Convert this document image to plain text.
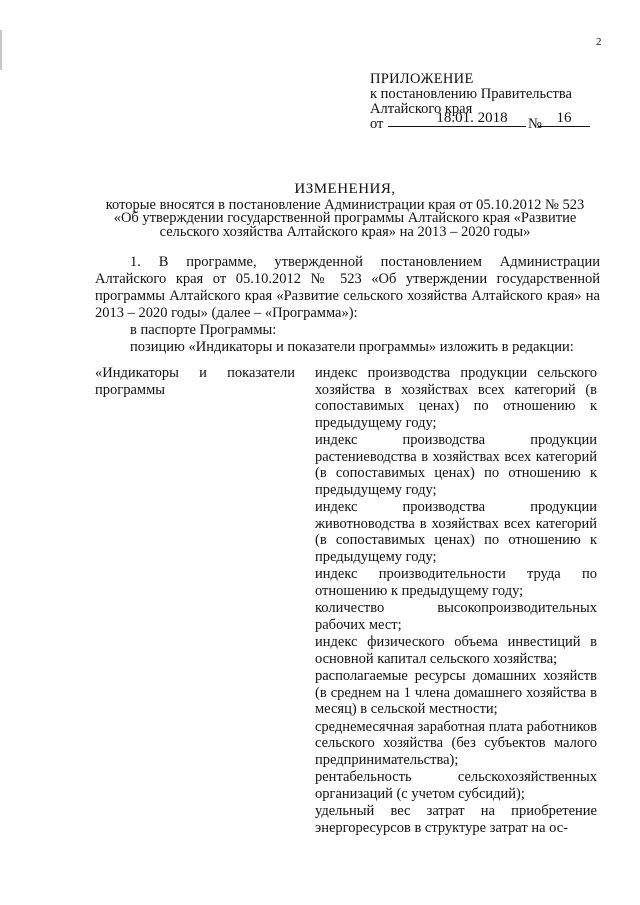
2
ПРИЛОЖЕНИЕ
к постановлению Правительства
Алтайского края
от	18.01. 2018	№ 16
ИЗМЕНЕНИЯ,
которые вносятся в постановление Администрации края от 05.10.2012 № 523
«Об утверждении государственной программы Алтайского края «Развитие
сельского хозяйства Алтайского края» на 2013 – 2020 годы»

1. В программе, утвержденной постановлением Администрации Алтайского края от 05.10.2012 № 523 «Об утверждении государственной программы Алтайского края «Развитие сельского хозяйства Алтайского края» на 2013 – 2020 годы» (далее – «Программа»):

в паспорте Программы:

позицию «Индикаторы и показатели программы» изложить в редакции:

«Индикаторы и показатели программы

индекс производства продукции сельского хозяйства в хозяйствах всех категорий (в сопоставимых ценах) по отношению к предыдущему году;

индекс производства продукции растениеводства в хозяйствах всех категорий (в сопоставимых ценах) по отношению к предыдущему году;

индекс производства продукции животноводства в хозяйствах всех категорий (в сопоставимых ценах) по отношению к предыдущему году;

индекс производительности труда по отношению к предыдущему году;

количество высокопроизводительных рабочих мест;

индекс физического объема инвестиций в основной капитал сельского хозяйства;

располагаемые ресурсы домашних хозяйств (в среднем на 1 члена домашнего хозяйства в месяц) в сельской местности;

среднемесячная заработная плата работников сельского хозяйства (без субъектов малого предпринимательства);

рентабельность сельскохозяйственных организаций (с учетом субсидий);

удельный вес затрат на приобретение энергоресурсов в структуре затрат на ос-
